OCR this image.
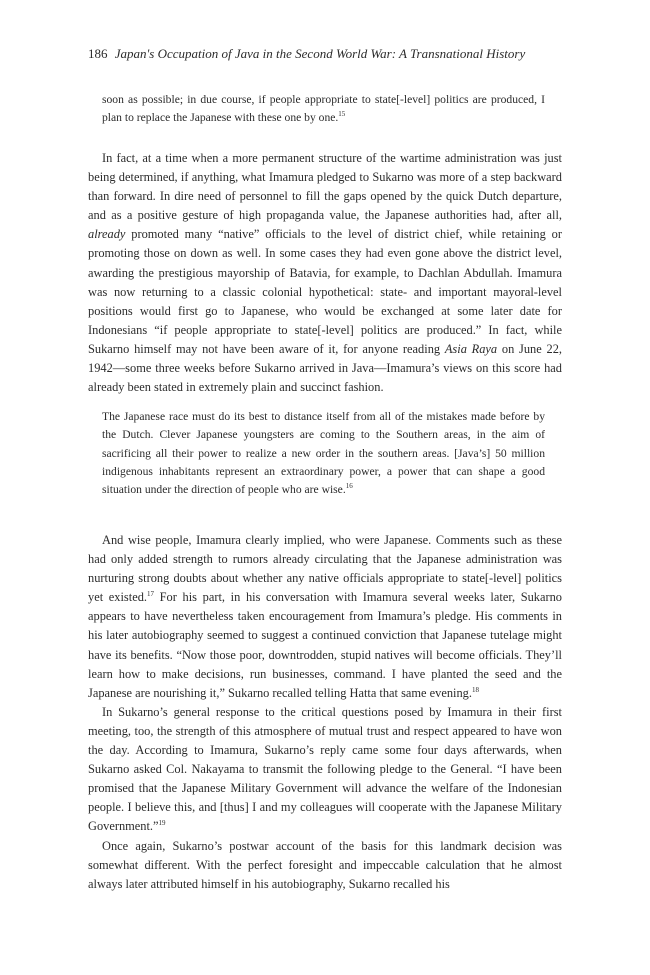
186 Japan's Occupation of Java in the Second World War: A Transnational History

soon as possible; in due course, if people appropriate to state[-level] politics are produced, I plan to replace the Japanese with these one by one.$^{15}$

In fact, at a time when a more permanent structure of the wartime administration was just being determined, if anything, what Imamura pledged to Sukarno was more of a step backward than forward. In dire need of personnel to fill the gaps opened by the quick Dutch departure, and as a positive gesture of high propaganda value, the Japanese authorities had, after all, already promoted many “native” officials to the level of district chief, while retaining or promoting those on down as well. In some cases they had even gone above the district level, awarding the prestigious mayorship of Batavia, for example, to Dachlan Abdullah. Imamura was now returning to a classic colonial hypothetical: state- and important mayoral-level positions would first go to Japanese, who would be exchanged at some later date for Indonesians “if people appropriate to state[-level] politics are produced.” In fact, while Sukarno himself may not have been aware of it, for anyone reading Asia Raya on June 22, 1942—some three weeks before Sukarno arrived in Java—Imamura’s views on this score had already been stated in extremely plain and succinct fashion.

The Japanese race must do its best to distance itself from all of the mistakes made before by the Dutch. Clever Japanese youngsters are coming to the Southern areas, in the aim of sacrificing all their power to realize a new order in the southern areas. [Java’s] 50 million indigenous inhabitants represent an extraordinary power, a power that can shape a good situation under the direction of people who are wise.$^{16}$

And wise people, Imamura clearly implied, who were Japanese. Comments such as these had only added strength to rumors already circulating that the Japanese administration was nurturing strong doubts about whether any native officials appropriate to state[-level] politics yet existed.$^{17}$ For his part, in his conversation with Imamura several weeks later, Sukarno appears to have nevertheless taken encouragement from Imamura’s pledge. His comments in his later autobiography seemed to suggest a continued conviction that Japanese tutelage might have its benefits. “Now those poor, downtrodden, stupid natives will become officials. They’ll learn how to make decisions, run businesses, command. I have planted the seed and the Japanese are nourishing it,” Sukarno recalled telling Hatta that same evening.$^{18}$

In Sukarno’s general response to the critical questions posed by Imamura in their first meeting, too, the strength of this atmosphere of mutual trust and respect appeared to have won the day. According to Imamura, Sukarno’s reply came some four days afterwards, when Sukarno asked Col. Nakayama to transmit the following pledge to the General. “I have been promised that the Japanese Military Government will advance the welfare of the Indonesian people. I believe this, and [thus] I and my colleagues will cooperate with the Japanese Military Government.”$^{19}$

Once again, Sukarno’s postwar account of the basis for this landmark decision was somewhat different. With the perfect foresight and impeccable calculation that he almost always later attributed himself in his autobiography, Sukarno recalled his
